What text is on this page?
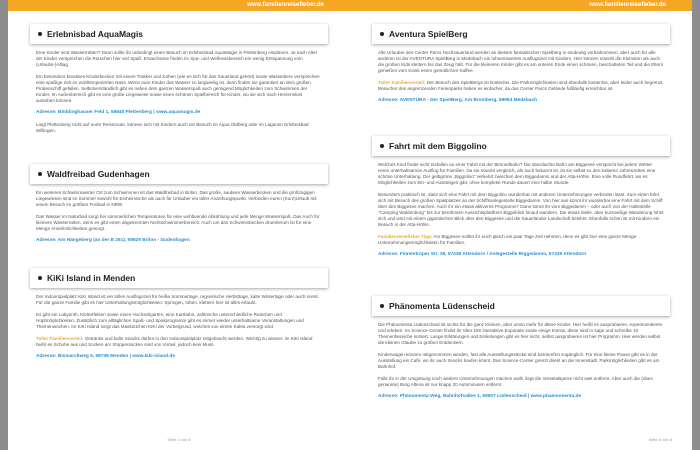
www.familienreisefieber.de
Erlebnisbad AquaMagis

Eine Kinder sind Wasserratten? Dann sollte ihr unbedingt einen Besuch im Erlebnisbad AquaMagis in Plettenberg einplanen. Je nach Alter der Kinder versprechen die Rutschen hier viel Spaß. Erwachsene finden im Spa- und Wellnessbereich ein wenig Entspannung vom (Urlaubs-)Alltag.

Ein besonders kreatives Kinderbecken mit einem Trakker und Kühen (wie es sich für das Sauerland gehört) sowie Wassertiere versprechen eine spaßige Zeit im wohltemperierten Nass. Wenn eure Kinder das Wasser zu langweilig ist, dann finden sie garantiert an dem großen Piratenschiff gefallen. Selbstverständlich gibt es neben dem ganzen Wasserspaß auch genügend Möglichkeiten zum Schwimmen der Kinder. Im Außenbereich gibt es eine große Liegewiese sowie einen schönen Spielbereich für Kinder, wo sie sich nach Herzenslust austoben können.

Adresse: Böddinghauser Feld 1, 58840 Plettenberg | www.aquamagis.de

Liegt Plettenberg nicht auf eurer Reiseroute, können sich mit Kindern auch ein Besuch im Aqua Oldberg oder im Lagunen Erlebnisbad Willingen.

Waldfreibad Gudenhagen

Ein weiteres Schwimmwerter Ort zum Schwimmen ist das Waldfreibad in Brilon. Das große, saubere Wasserbecken und die großzügigen Liegewiesen sind im Sommer sowohl für Einheimische als auch für Urlauber ein toller Anziehungspunkt. Verbinden euren (Kurz)Urlaub mit einem Besuch im größten Freibad in NRW.

Das Wasser im Naturbad sorgt bei sommerlichen Temperaturen für eine wohltuende Abkühlung und jede Menge Wasserspaß. Das Auch für kleinere Wasserratten, denn es gibt einen abgetrennten Nichtschwimmerbereich. Auch um das Schwimmbecken drumherum ist für eine Menge Annehmlichkeiten gesorgt.

Adresse: Am Hängeberg (an der B 251), 59929 Brilon - Gudenhagen

KiKi Island in Menden

Der Indoorspielplatz KiKi Island ist ein tolles Ausflugsziel für heiße Sommertage, regnerische Herbsttage, kalte Wintertage oder auch sonst. Für die ganze Familie gibt es hier Unterhaltungsmöglichkeiten: Springen, toben, klettern hier ist alles erlaubt.

Es gibt ein Labyrinth, Kletterfelsen sowie einen Hochseilgarten, eine Kartbahn, zahlreiche unterschiedliche Rutschen und Hüpfmöglichkeiten. Zusätzlich zum alltäglichen Spaß- und Spielprogramm gibt es immer wieder unterhaltsame Veranstaltungen und Themenwochen. Im KiKi Island sorgt das Maskottchen KIKI der Vorbeigrund, welches von einem Kakta versorgt wird.

Toller Familienvorteil: Getränke und kalte Snacks dürfen in den Indoorspielplatz mitgebracht werden. Wichtig zu wissen: im KiKi Island heißt es Schuhe aus und Socken an! Stoppersocken sind von Vorteil, jedoch kein Muss.

Adresse: Bismarckweg 5, 58708 Menden | www.kiki-island.de

Seite 4 von 6
www.familienreisefieber.de
Aventura SpielBerg

Alle Urlauber des Center Parcs Hochsauerland werden an diesem fantastischen Spielberg in eindeutig vorbeikommen, aber auch für alle anderen ist der AVENTURA SpielBerg in Medebach ein lohnenswertes Ausflugsziel mit Kindern. Hier können sowohl die Kleinsten als auch die großen Kids klettern bis das Zeug hält. Für die kleineren Kinder gibt es am unteren Ende einen schönen, beschatteten Teil und die Eltern genießen vom Kiosk einen gemütlichen Kaffee.

Toller Familienvorteil: Der Besuch des SpielBergs ist kostenlos. Die Parkmöglichkeiten sind ebenfalls kostenlos, aber leider auch begrenzt. Besucher des angrenzenden Ferienparks haben es einfacher, da das Center Parcs Gelände fußläufig erreichbar ist.

Adresse: AVENTURA - Der SpielBerg, Am Bromberg, 59964 Medebach

Fahrt mit dem Biggolino

Welches Kind findet nicht Gefallen an einer Fahrt mit der Bimmelbahn? Die überdachte Bahn am Biggesee verspricht bei jedem Wetter einen unterhaltsamen Ausflug für Familien. Da sie sowohl vergleich, als auch bekannt ist, ist sie selbst zu den kalteren Jahreszeiten eine schöne Unterhaltung. Der gelbgrüne „Biggolino" verkehrt zwischen dem Biggedamm und der Atta-Höhle. Eine volle Rundfahrt, wo es Möglichkeiten zum Ein- und Aussteigen gibt, ohne komplette Runde dauert eine halbe Stunde.

Besonders praktisch ist, dass sich eine Fahrt mit dem Biggolino wunderbar mit anderen Unternehmungen verbinden lässt. Zum einen führt sich mit Besuch des großen Spielplatzes an der Schiffsanlegestelle Biggedamm. Von hier aus könnt ihr wunderbar eine Fahrt mit dem Schiff über den Biggesee machen. Auch ihr ein etwas aktiveres Programm? Dann könnt ihr vom Biggedamm – oder auch von der Haltestelle "Camping Waldenburg" bis zur berühmten Aussichtsplattform Biggeblick hinauf wandern. Die etwas steile, aber kurzweilige Wanderung lohnt sich und wird mit einem gigantischen Blick über den Biggesee und die Sauerländer Landschaft belohnt. Ebenfalls schön ist mit Kindern ein Besuch in der Atta-Höhle.

Familienreisefieber Tipp: Am Biggesee solltet ihr euch gleich ein paar Tage Zeit nehmen, denn es gibt hier eine ganze Menge Unternehmungsmöglichkeiten für Familien.

Adresse: Finnentroper Str. 39, 57439 Attendorn / Anlegestelle Biggedamm, 57439 Attendorn

Phänomenta Lüdenscheid

Die Phänomenta Lüdenscheid ist nichts für die ganz Kleinen, aber umso mehr für ältere Kinder. Hier heißt es ausprobieren, experimentieren und erleben. Im Science-Center findet ihr über 180 interaktive Exponate sowie einige Extras, diese sind in sage und schreibe 10 Themenbereiche sortiert. Lange Erklärungen und Einleitungen gibt es hier nicht, selbst ausprobieren ist hier Programm. Hier werden selbst die kleinen Glaube zu großen Entdeckern.

Kinderwagen können mitgenommen werden, fast alle Ausstellungsstücke sind barrierefrei zugänglich. Für eine kleine Pause gibt es in der Ausstellung ein Café, wo ihr auch Snacks kaufen könnt. Das Science-Center grenzt direkt an die Innenstadt. Parkmöglichkeiten gibt es am Bahnhof.

Falls ihr in der Umgebung noch weitere Unternehmungen machen wollt, liegt die Versetalsperre nicht weit entfernt. Aber auch die (oben genannte) Burg Altena ist nur knapp 20 Autominuten entfernt.

Adresse: Phänomenta-Weg, Bahnhofsallee 1, 58507 Lüdenscheid | www.phaenomenta.de

Seite 5 von 6
